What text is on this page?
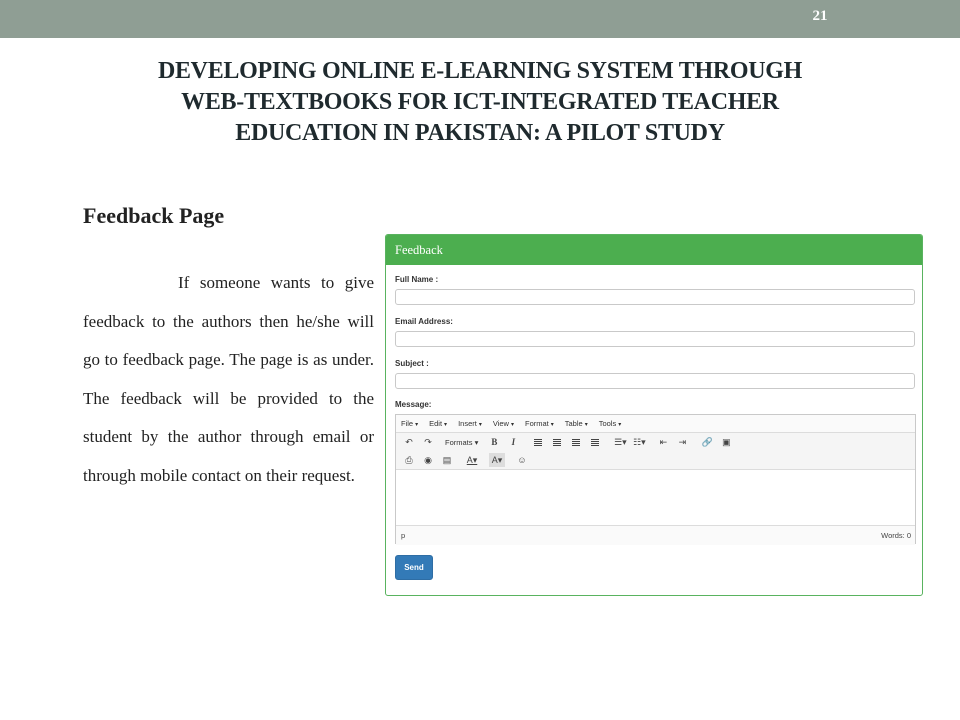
21
DEVELOPING ONLINE E-LEARNING SYSTEM THROUGH
WEB-TEXTBOOKS FOR ICT-INTEGRATED TEACHER
EDUCATION IN PAKISTAN: A PILOT STUDY
Feedback Page
If someone wants to give feedback to the authors then he/she will go to feedback page. The page is as under. The feedback will be provided to the student by the author through email or through mobile contact on their request.
Feedback
Full Name :
Email Address:
Subject :
Message:
File ▾ Edit ▾ Insert ▾ View ▾ Format ▾ Table ▾ Tools ▾
↶	↷	Formats ▾	B	I	☰▾ ☷▾	⇤	⇥	🔗	▣
⎙	◉	▤	A▾	A▾	☺
p	Words: 0
Send
